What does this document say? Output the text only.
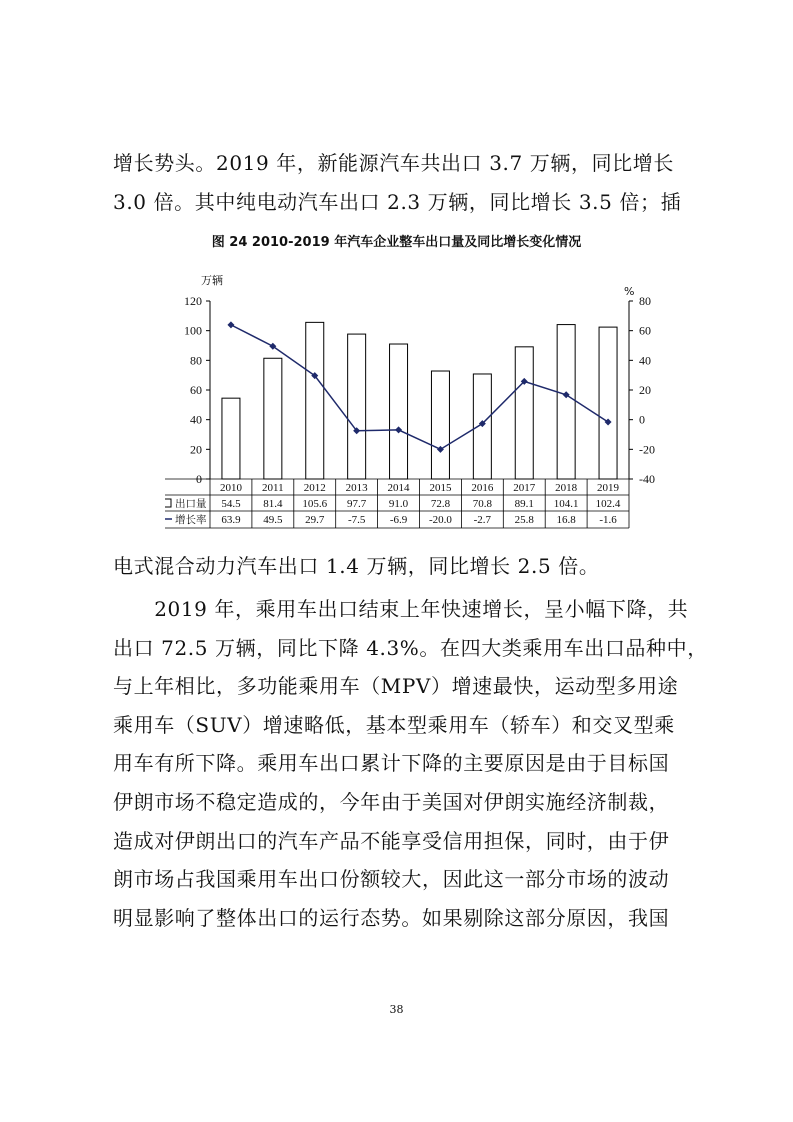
增长势头。2019 年，新能源汽车共出口 3.7 万辆，同比增长
3.0 倍。其中纯电动汽车出口 2.3 万辆，同比增长 3.5 倍；插
图 24 2010-2019 年汽车企业整车出口量及同比增长变化情况
万辆
%
0
20
40
60
80
100
120
-40
-20
0
20
40
60
80
2010
54.5
63.9
2011
81.4
49.5
2012
105.6
29.7
2013
97.7
-7.5
2014
91.0
-6.9
2015
72.8
-20.0
2016
70.8
-2.7
2017
89.1
25.8
2018
104.1
16.8
2019
102.4
-1.6
出口量
增长率
电式混合动力汽车出口 1.4 万辆，同比增长 2.5 倍。
　　2019 年，乘用车出口结束上年快速增长，呈小幅下降，共
出口 72.5 万辆，同比下降 4.3%。在四大类乘用车出口品种中，
与上年相比，多功能乘用车（MPV）增速最快，运动型多用途
乘用车（SUV）增速略低，基本型乘用车（轿车）和交叉型乘
用车有所下降。乘用车出口累计下降的主要原因是由于目标国
伊朗市场不稳定造成的，今年由于美国对伊朗实施经济制裁，
造成对伊朗出口的汽车产品不能享受信用担保，同时，由于伊
朗市场占我国乘用车出口份额较大，因此这一部分市场的波动
明显影响了整体出口的运行态势。如果剔除这部分原因，我国
38
